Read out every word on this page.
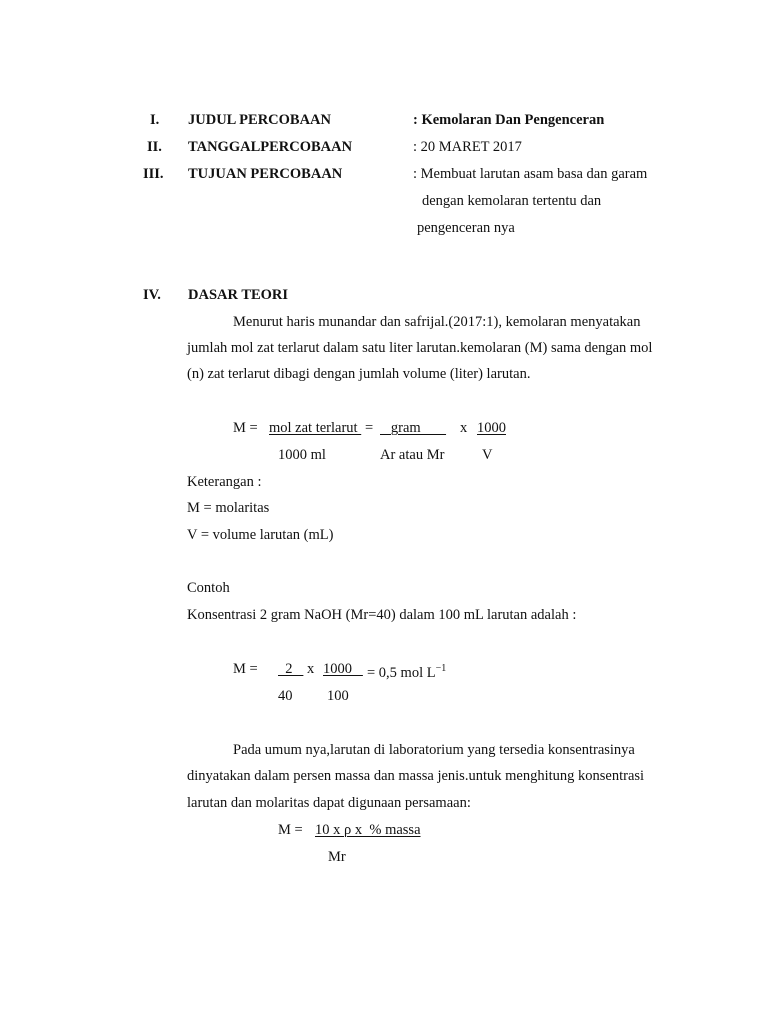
I. JUDUL PERCOBAAN	: Kemolaran Dan Pengenceran
II. TANGGALPERCOBAAN	: 20 MARET 2017
III. TUJUAN PERCOBAAN	: Membuat larutan asam basa dan garam
dengan kemolaran tertentu dan
pengenceran nya
IV. DASAR TEORI
Menurut haris munandar dan safrijal.(2017:1), kemolaran menyatakan
jumlah mol zat terlarut dalam satu liter larutan.kemolaran (M) sama dengan mol
(n) zat terlarut dibagi dengan jumlah volume (liter) larutan.
M = mol zat terlarut = gram x 1000
1000 ml	Ar atau Mr	V
Keterangan :
M = molaritas
V = volume larutan (mL)
Contoh
Konsentrasi 2 gram NaOH (Mr=40) dalam 100 mL larutan adalah :
M = 2 x 1000 = 0,5 mol $L^{-1}$
40 100
Pada umum nya,larutan di laboratorium yang tersedia konsentrasinya
dinyatakan dalam persen massa dan massa jenis.untuk menghitung konsentrasi
larutan dan molaritas dapat digunaan persamaan:
M = 10 x ρ x  % massa
Mr
